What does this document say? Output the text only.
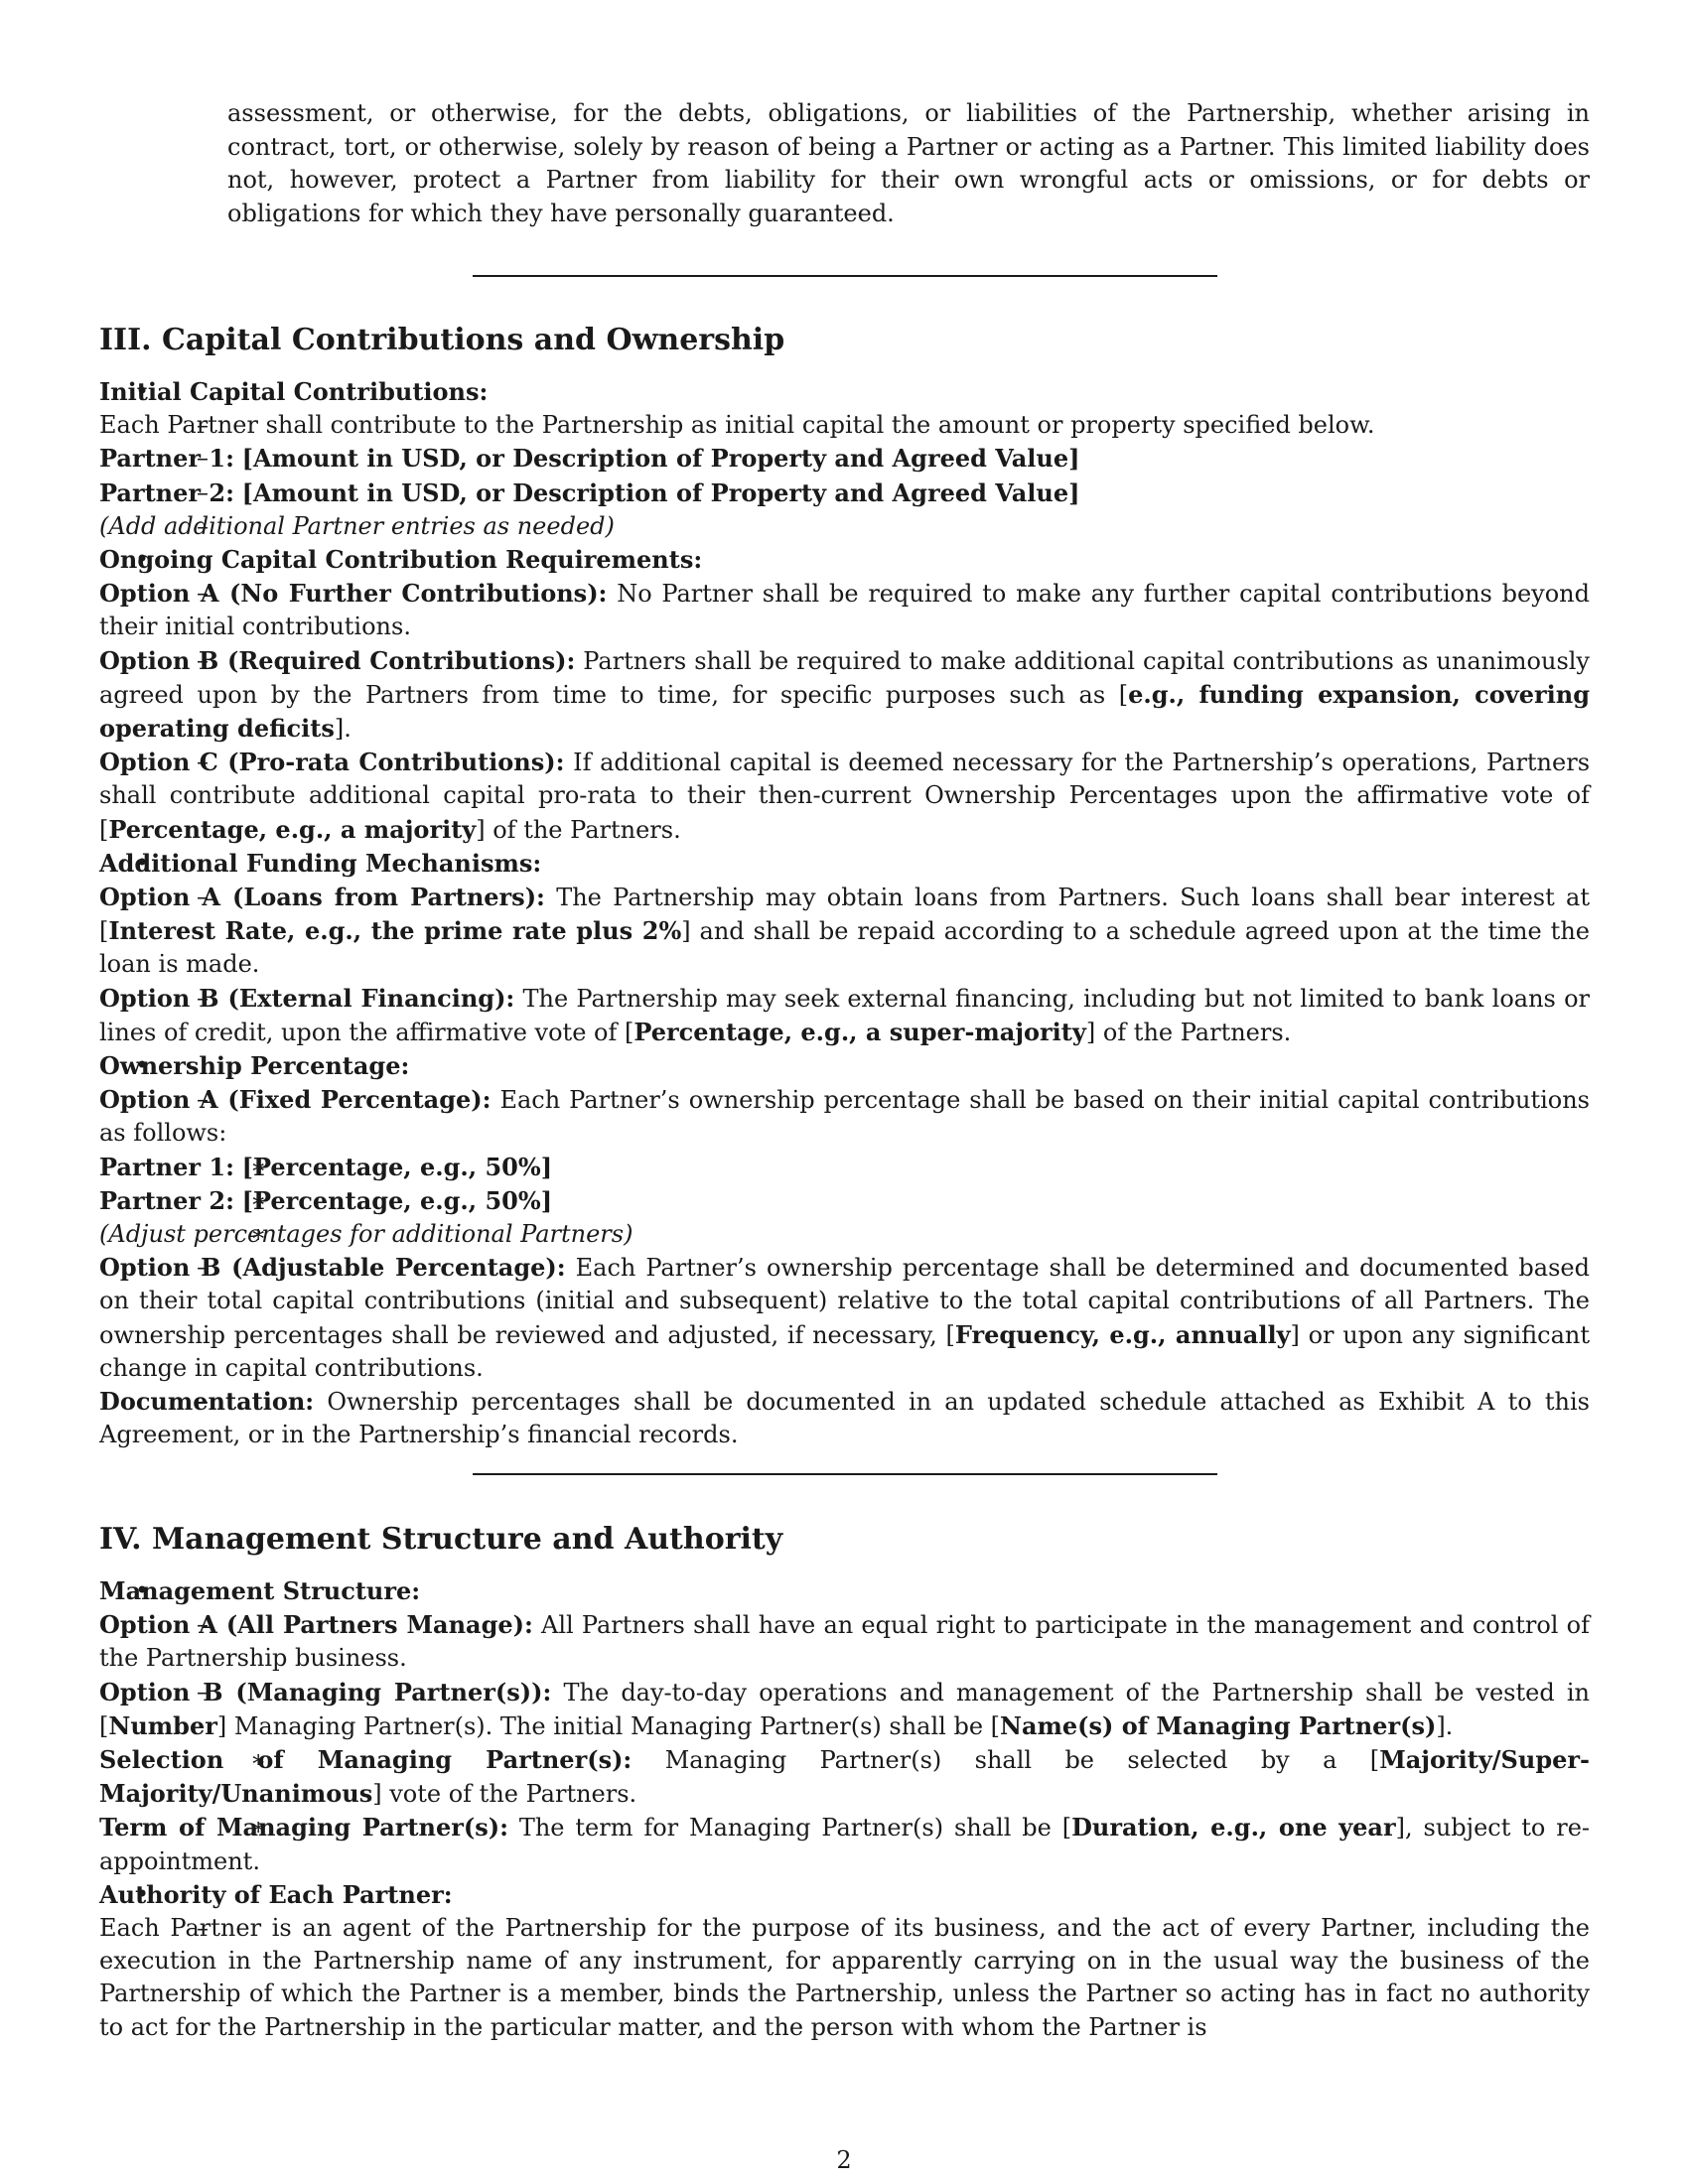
assessment, or otherwise, for the debts, obligations, or liabilities of the Partnership, whether arising in contract, tort, or otherwise, solely by reason of being a Partner or acting as a Partner. This limited liability does not, however, protect a Partner from liability for their own wrongful acts or omissions, or for debts or obligations for which they have personally guaranteed.

III. Capital Contributions and Ownership
• Initial Capital Contributions:

– Each Partner shall contribute to the Partnership as initial capital the amount or property specified below.

– Partner 1: [Amount in USD, or Description of Property and Agreed Value]

– Partner 2: [Amount in USD, or Description of Property and Agreed Value]

– (Add additional Partner entries as needed)

• Ongoing Capital Contribution Requirements:

– Option A (No Further Contributions): No Partner shall be required to make any further capital contributions beyond their initial contributions.

– Option B (Required Contributions): Partners shall be required to make additional capital contributions as unanimously agreed upon by the Partners from time to time, for specific purposes such as [e.g., funding expansion, covering operating deficits].

– Option C (Pro-rata Contributions): If additional capital is deemed necessary for the Partnership’s operations, Partners shall contribute additional capital pro-rata to their then-current Ownership Percentages upon the affirmative vote of [Percentage, e.g., a majority] of the Partners.

• Additional Funding Mechanisms:

– Option A (Loans from Partners): The Partnership may obtain loans from Partners. Such loans shall bear interest at [Interest Rate, e.g., the prime rate plus 2%] and shall be repaid according to a schedule agreed upon at the time the loan is made.

– Option B (External Financing): The Partnership may seek external financing, including but not limited to bank loans or lines of credit, upon the affirmative vote of [Percentage, e.g., a super-majority] of the Partners.

• Ownership Percentage:

– Option A (Fixed Percentage): Each Partner’s ownership percentage shall be based on their initial capital contributions as follows:

∗ Partner 1: [Percentage, e.g., 50%]

∗ Partner 2: [Percentage, e.g., 50%]

∗ (Adjust percentages for additional Partners)

– Option B (Adjustable Percentage): Each Partner’s ownership percentage shall be determined and documented based on their total capital contributions (initial and subsequent) relative to the total capital contributions of all Partners. The ownership percentages shall be reviewed and adjusted, if necessary, [Frequency, e.g., annually] or upon any significant change in capital contributions.

– Documentation: Ownership percentages shall be documented in an updated schedule attached as Exhibit A to this Agreement, or in the Partnership’s financial records.

IV. Management Structure and Authority
• Management Structure:

– Option A (All Partners Manage): All Partners shall have an equal right to participate in the management and control of the Partnership business.

– Option B (Managing Partner(s)): The day-to-day operations and management of the Partnership shall be vested in [Number] Managing Partner(s). The initial Managing Partner(s) shall be [Name(s) of Managing Partner(s)].

∗ Selection of Managing Partner(s): Managing Partner(s) shall be selected by a [Majority/Super-Majority/Unanimous] vote of the Partners.

∗ Term of Managing Partner(s): The term for Managing Partner(s) shall be [Duration, e.g., one year], subject to re-appointment.

• Authority of Each Partner:

– Each Partner is an agent of the Partnership for the purpose of its business, and the act of every Partner, including the execution in the Partnership name of any instrument, for apparently carrying on in the usual way the business of the Partnership of which the Partner is a member, binds the Partnership, unless the Partner so acting has in fact no authority to act for the Partnership in the particular matter, and the person with whom the Partner is

2
